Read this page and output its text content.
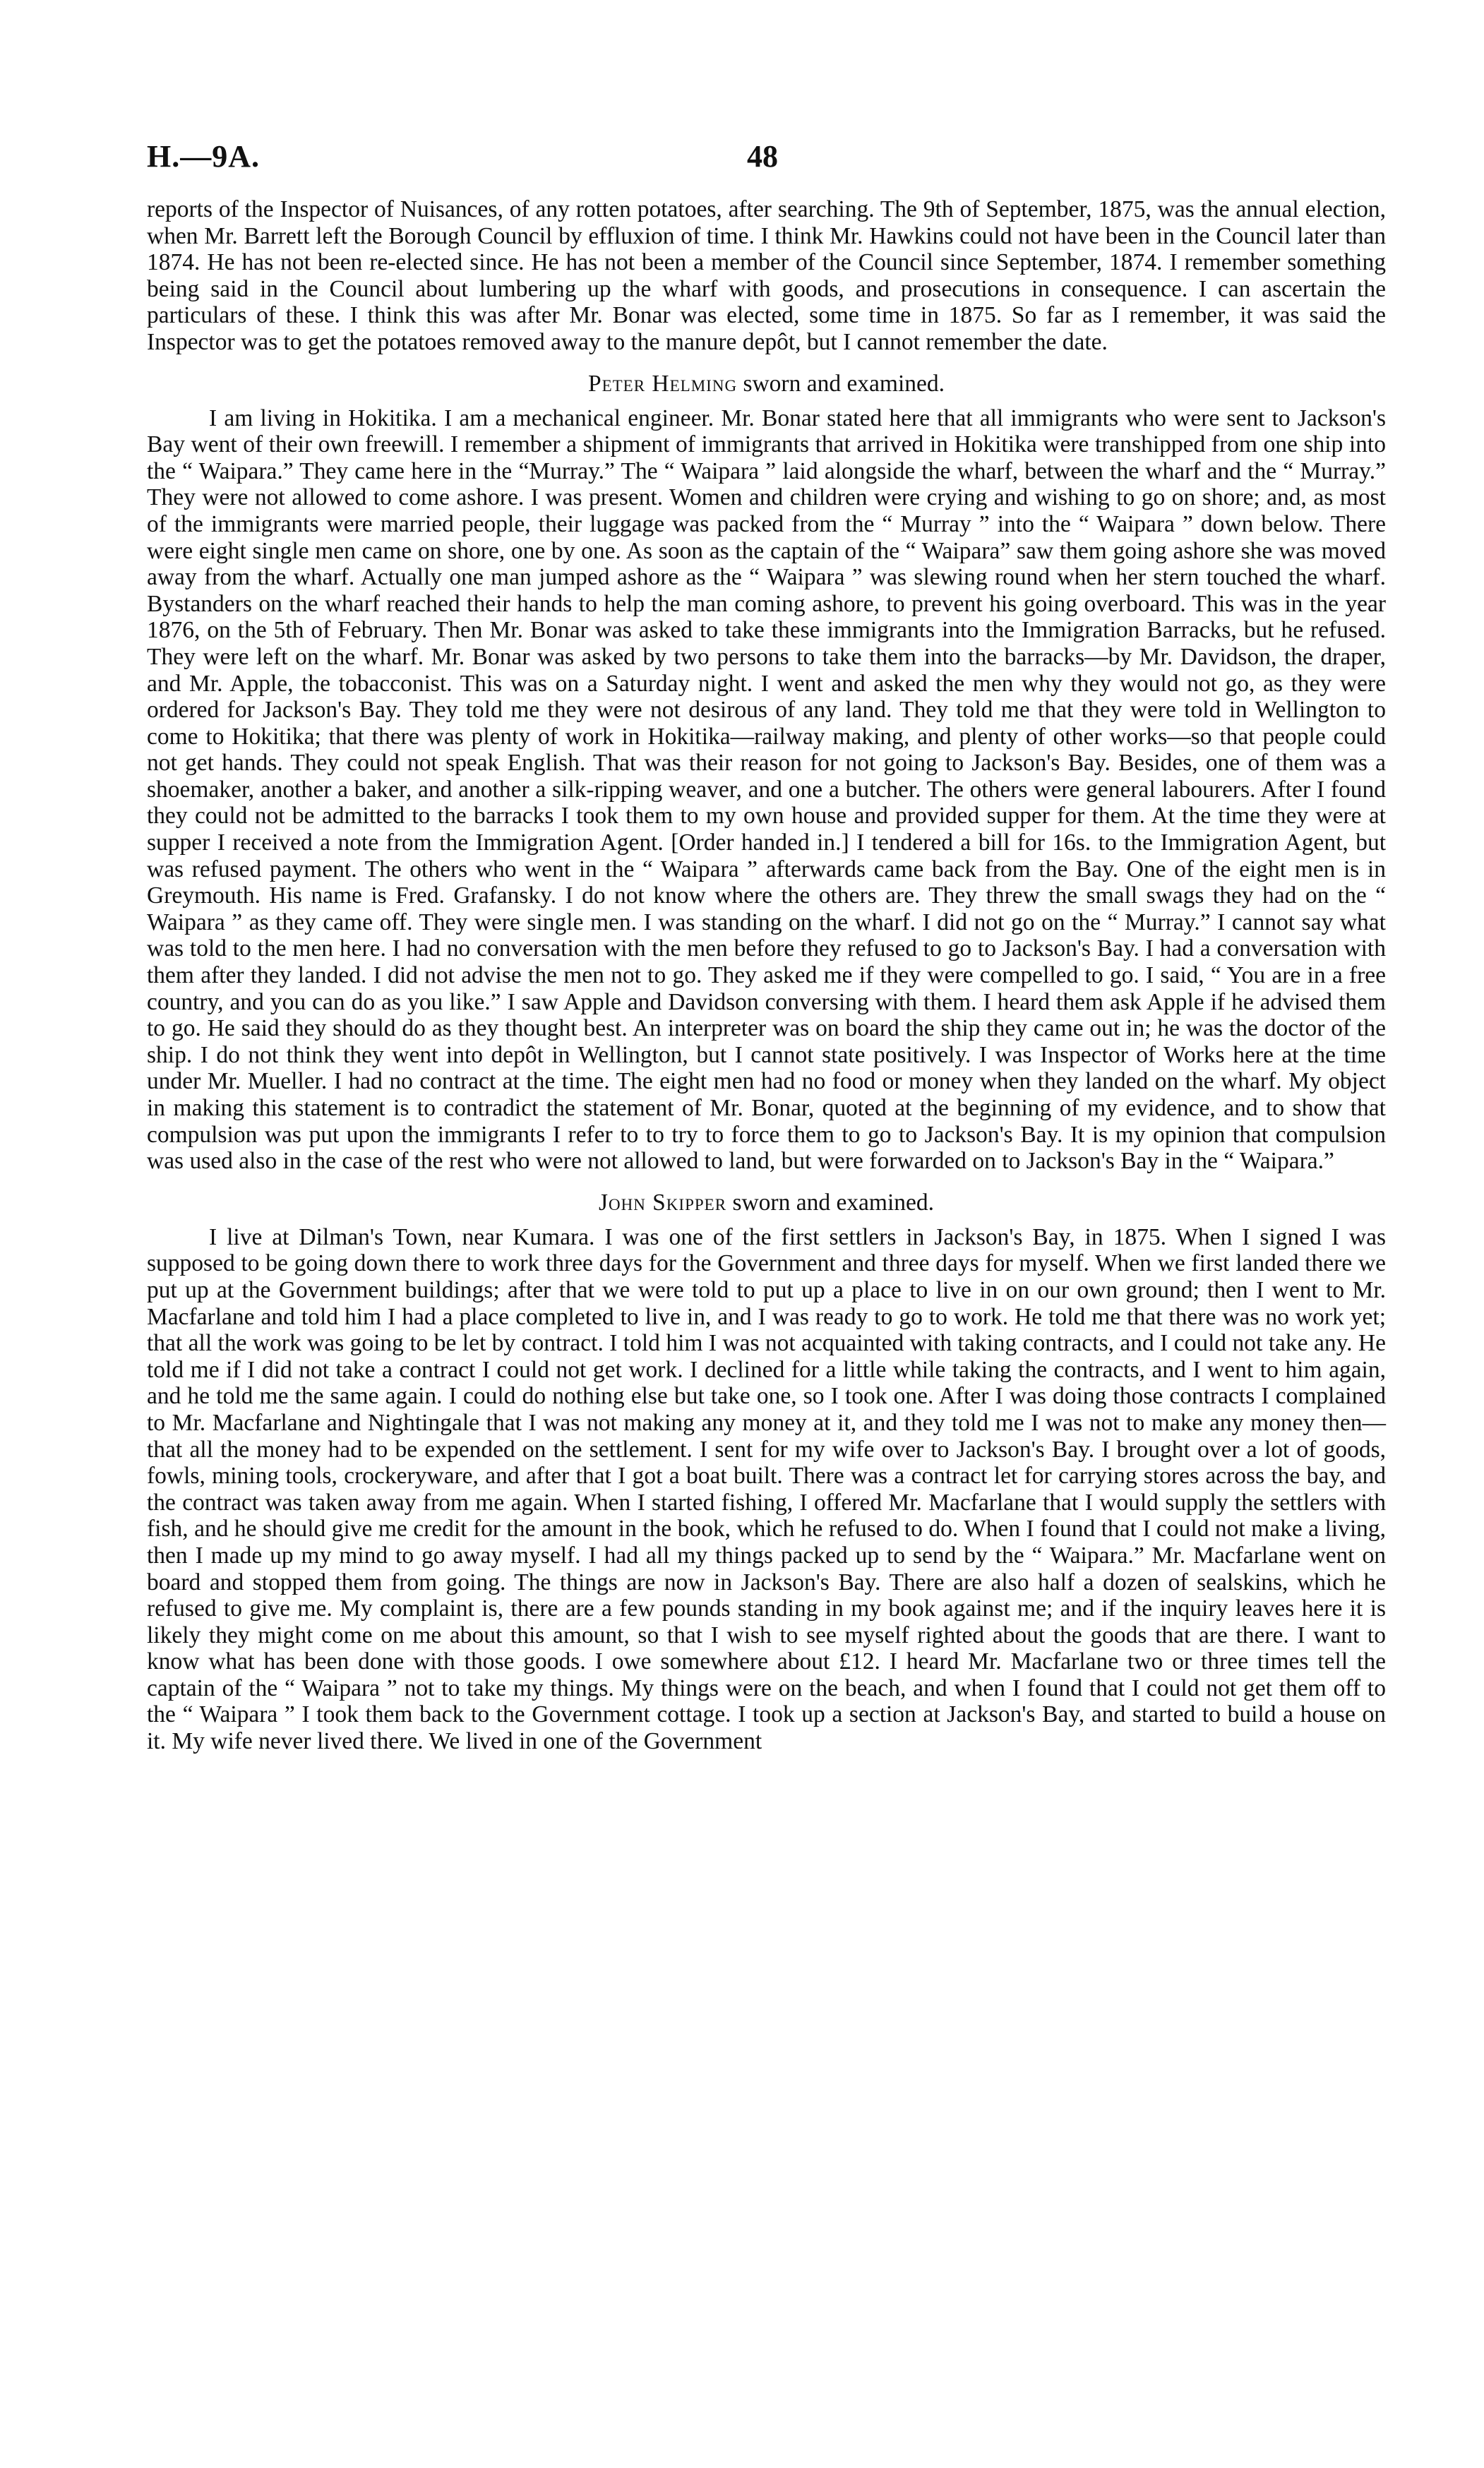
H.—9A.	48

reports of the Inspector of Nuisances, of any rotten potatoes, after searching. The 9th of September, 1875, was the annual election, when Mr. Barrett left the Borough Council by effluxion of time. I think Mr. Hawkins could not have been in the Council later than 1874. He has not been re-elected since. He has not been a member of the Council since September, 1874. I remember something being said in the Council about lumbering up the wharf with goods, and prosecutions in consequence. I can ascertain the particulars of these. I think this was after Mr. Bonar was elected, some time in 1875. So far as I remember, it was said the Inspector was to get the potatoes removed away to the manure depôt, but I cannot remember the date.

Peter Helming sworn and examined.

I am living in Hokitika. I am a mechanical engineer. Mr. Bonar stated here that all immigrants who were sent to Jackson's Bay went of their own freewill. I remember a shipment of immigrants that arrived in Hokitika were transhipped from one ship into the “ Waipara.” They came here in the “Murray.” The “ Waipara ” laid alongside the wharf, between the wharf and the “ Murray.” They were not allowed to come ashore. I was present. Women and children were crying and wishing to go on shore; and, as most of the immigrants were married people, their luggage was packed from the “ Murray ” into the “ Waipara ” down below. There were eight single men came on shore, one by one. As soon as the captain of the “ Waipara” saw them going ashore she was moved away from the wharf. Actually one man jumped ashore as the “ Waipara ” was slewing round when her stern touched the wharf. Bystanders on the wharf reached their hands to help the man coming ashore, to prevent his going overboard. This was in the year 1876, on the 5th of February. Then Mr. Bonar was asked to take these immigrants into the Immigration Barracks, but he refused. They were left on the wharf. Mr. Bonar was asked by two persons to take them into the barracks—by Mr. Davidson, the draper, and Mr. Apple, the tobacconist. This was on a Saturday night. I went and asked the men why they would not go, as they were ordered for Jackson's Bay. They told me they were not desirous of any land. They told me that they were told in Wellington to come to Hokitika; that there was plenty of work in Hokitika—railway making, and plenty of other works—so that people could not get hands. They could not speak English. That was their reason for not going to Jackson's Bay. Besides, one of them was a shoemaker, another a baker, and another a silk-ripping weaver, and one a butcher. The others were general labourers. After I found they could not be admitted to the barracks I took them to my own house and provided supper for them. At the time they were at supper I received a note from the Immigration Agent. [Order handed in.] I tendered a bill for 16s. to the Immigration Agent, but was refused payment. The others who went in the “ Waipara ” afterwards came back from the Bay. One of the eight men is in Greymouth. His name is Fred. Grafansky. I do not know where the others are. They threw the small swags they had on the “ Waipara ” as they came off. They were single men. I was standing on the wharf. I did not go on the “ Murray.” I cannot say what was told to the men here. I had no conversation with the men before they refused to go to Jackson's Bay. I had a conversation with them after they landed. I did not advise the men not to go. They asked me if they were compelled to go. I said, “ You are in a free country, and you can do as you like.” I saw Apple and Davidson conversing with them. I heard them ask Apple if he advised them to go. He said they should do as they thought best. An interpreter was on board the ship they came out in; he was the doctor of the ship. I do not think they went into depôt in Wellington, but I cannot state positively. I was Inspector of Works here at the time under Mr. Mueller. I had no contract at the time. The eight men had no food or money when they landed on the wharf. My object in making this statement is to contradict the statement of Mr. Bonar, quoted at the beginning of my evidence, and to show that compulsion was put upon the immigrants I refer to to try to force them to go to Jackson's Bay. It is my opinion that compulsion was used also in the case of the rest who were not allowed to land, but were forwarded on to Jackson's Bay in the “ Waipara.”

John Skipper sworn and examined.

I live at Dilman's Town, near Kumara. I was one of the first settlers in Jackson's Bay, in 1875. When I signed I was supposed to be going down there to work three days for the Government and three days for myself. When we first landed there we put up at the Government buildings; after that we were told to put up a place to live in on our own ground; then I went to Mr. Macfarlane and told him I had a place completed to live in, and I was ready to go to work. He told me that there was no work yet; that all the work was going to be let by contract. I told him I was not acquainted with taking contracts, and I could not take any. He told me if I did not take a contract I could not get work. I declined for a little while taking the contracts, and I went to him again, and he told me the same again. I could do nothing else but take one, so I took one. After I was doing those contracts I complained to Mr. Macfarlane and Nightingale that I was not making any money at it, and they told me I was not to make any money then—that all the money had to be expended on the settlement. I sent for my wife over to Jackson's Bay. I brought over a lot of goods, fowls, mining tools, crockeryware, and after that I got a boat built. There was a contract let for carrying stores across the bay, and the contract was taken away from me again. When I started fishing, I offered Mr. Macfarlane that I would supply the settlers with fish, and he should give me credit for the amount in the book, which he refused to do. When I found that I could not make a living, then I made up my mind to go away myself. I had all my things packed up to send by the “ Waipara.” Mr. Macfarlane went on board and stopped them from going. The things are now in Jackson's Bay. There are also half a dozen of sealskins, which he refused to give me. My complaint is, there are a few pounds standing in my book against me; and if the inquiry leaves here it is likely they might come on me about this amount, so that I wish to see myself righted about the goods that are there. I want to know what has been done with those goods. I owe somewhere about £12. I heard Mr. Macfarlane two or three times tell the captain of the “ Waipara ” not to take my things. My things were on the beach, and when I found that I could not get them off to the “ Waipara ” I took them back to the Government cottage. I took up a section at Jackson's Bay, and started to build a house on it. My wife never lived there. We lived in one of the Government
